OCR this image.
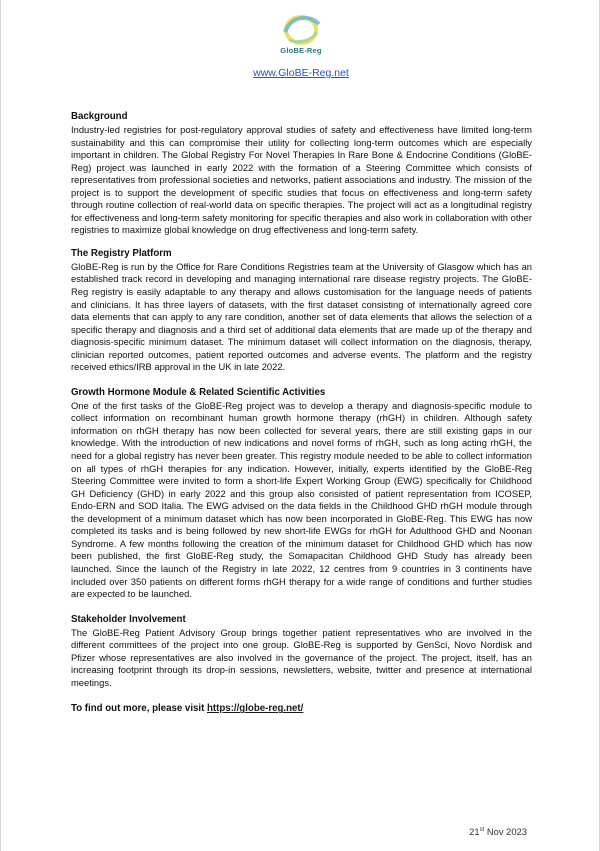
GloBE-Reg
www.GloBE-Reg.net
Background

Industry-led registries for post-regulatory approval studies of safety and effectiveness have limited long-term sustainability and this can compromise their utility for collecting long-term outcomes which are especially important in children. The Global Registry For Novel Therapies In Rare Bone & Endocrine Conditions (GloBE-Reg) project was launched in early 2022 with the formation of a Steering Committee which consists of representatives from professional societies and networks, patient associations and industry. The mission of the project is to support the development of specific studies that focus on effectiveness and long-term safety through routine collection of real-world data on specific therapies. The project will act as a longitudinal registry for effectiveness and long-term safety monitoring for specific therapies and also work in collaboration with other registries to maximize global knowledge on drug effectiveness and long-term safety.

The Registry Platform

GloBE-Reg is run by the Office for Rare Conditions Registries team at the University of Glasgow which has an established track record in developing and managing international rare disease registry projects. The GloBE-Reg registry is easily adaptable to any therapy and allows customisation for the language needs of patients and clinicians. It has three layers of datasets, with the first dataset consisting of internationally agreed core data elements that can apply to any rare condition, another set of data elements that allows the selection of a specific therapy and diagnosis and a third set of additional data elements that are made up of the therapy and diagnosis-specific minimum dataset. The minimum dataset will collect information on the diagnosis, therapy, clinician reported outcomes, patient reported outcomes and adverse events. The platform and the registry received ethics/IRB approval in the UK in late 2022.

Growth Hormone Module & Related Scientific Activities

One of the first tasks of the GloBE-Reg project was to develop a therapy and diagnosis-specific module to collect information on recombinant human growth hormone therapy (rhGH) in children. Although safety information on rhGH therapy has now been collected for several years, there are still existing gaps in our knowledge. With the introduction of new indications and novel forms of rhGH, such as long acting rhGH, the need for a global registry has never been greater. This registry module needed to be able to collect information on all types of rhGH therapies for any indication. However, initially, experts identified by the GloBE-Reg Steering Committee were invited to form a short-life Expert Working Group (EWG) specifically for Childhood GH Deficiency (GHD) in early 2022 and this group also consisted of patient representation from ICOSEP, Endo-ERN and SOD Italia. The EWG advised on the data fields in the Childhood GHD rhGH module through the development of a minimum dataset which has now been incorporated in GloBE-Reg. This EWG has now completed its tasks and is being followed by new short-life EWGs for rhGH for Adulthood GHD and Noonan Syndrome. A few months following the creation of the minimum dataset for Childhood GHD which has now been published, the first GloBE-Reg study, the Somapacitan Childhood GHD Study has already been launched. Since the launch of the Registry in late 2022, 12 centres from 9 countries in 3 continents have included over 350 patients on different forms rhGH therapy for a wide range of conditions and further studies are expected to be launched.

Stakeholder Involvement

The GloBE-Reg Patient Advisory Group brings together patient representatives who are involved in the different committees of the project into one group. GloBE-Reg is supported by GenSci, Novo Nordisk and Pfizer whose representatives are also involved in the governance of the project. The project, itself, has an increasing footprint through its drop-in sessions, newsletters, website, twitter and presence at international meetings.

To find out more, please visit https://globe-reg.net/
21st Nov 2023
